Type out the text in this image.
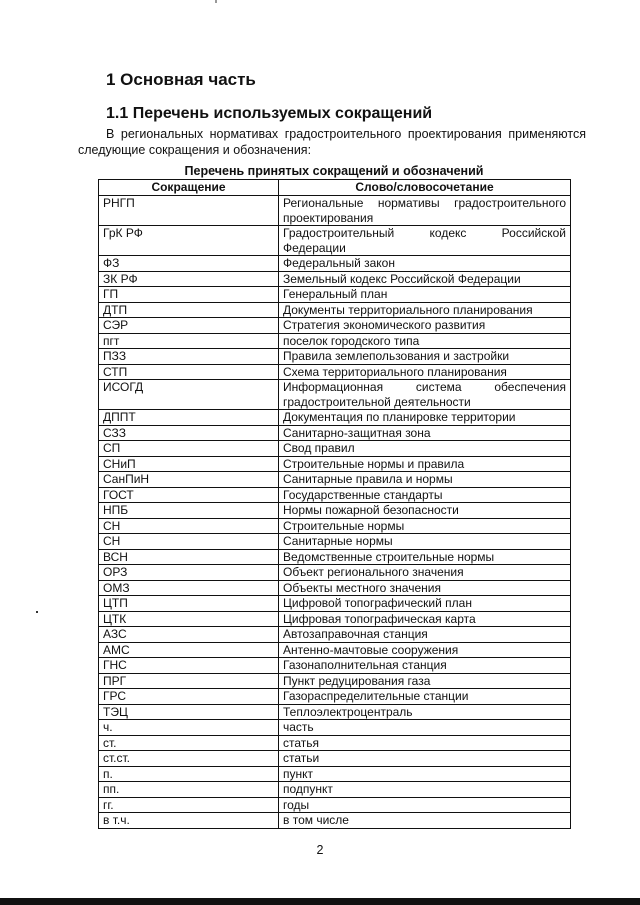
1 Основная часть
1.1 Перечень используемых сокращений

В региональных нормативах градостроительного проектирования применяются следующие сокращения и обозначения:

Перечень принятых сокращений и обозначений
Сокращение	Слово/словосочетание
РНГП	Региональные нормативы градостроительного проектирования
ГрК РФ	Градостроительный кодекс Российской Федерации
ФЗ	Федеральный закон
ЗК РФ	Земельный кодекс Российской Федерации
ГП	Генеральный план
ДТП	Документы территориального планирования
СЭР	Стратегия экономического развития
пгт	поселок городского типа
ПЗЗ	Правила землепользования и застройки
СТП	Схема территориального планирования
ИСОГД	Информационная система обеспечения градостроительной деятельности
ДППТ	Документация по планировке территории
СЗЗ	Санитарно-защитная зона
СП	Свод правил
СНиП	Строительные нормы и правила
СанПиН	Санитарные правила и нормы
ГОСТ	Государственные стандарты
НПБ	Нормы пожарной безопасности
СН	Строительные нормы
СН	Санитарные нормы
ВСН	Ведомственные строительные нормы
ОРЗ	Объект регионального значения
ОМЗ	Объекты местного значения
ЦТП	Цифровой топографический план
ЦТК	Цифровая топографическая карта
АЗС	Автозаправочная станция
АМС	Антенно-мачтовые сооружения
ГНС	Газонаполнительная станция
ПРГ	Пункт редуцирования газа
ГРС	Газораспределительные станции
ТЭЦ	Теплоэлектроцентраль
ч.	часть
ст.	статья
ст.ст.	статьи
п.	пункт
пп.	подпункт
гг.	годы
в т.ч.	в том числе
2
